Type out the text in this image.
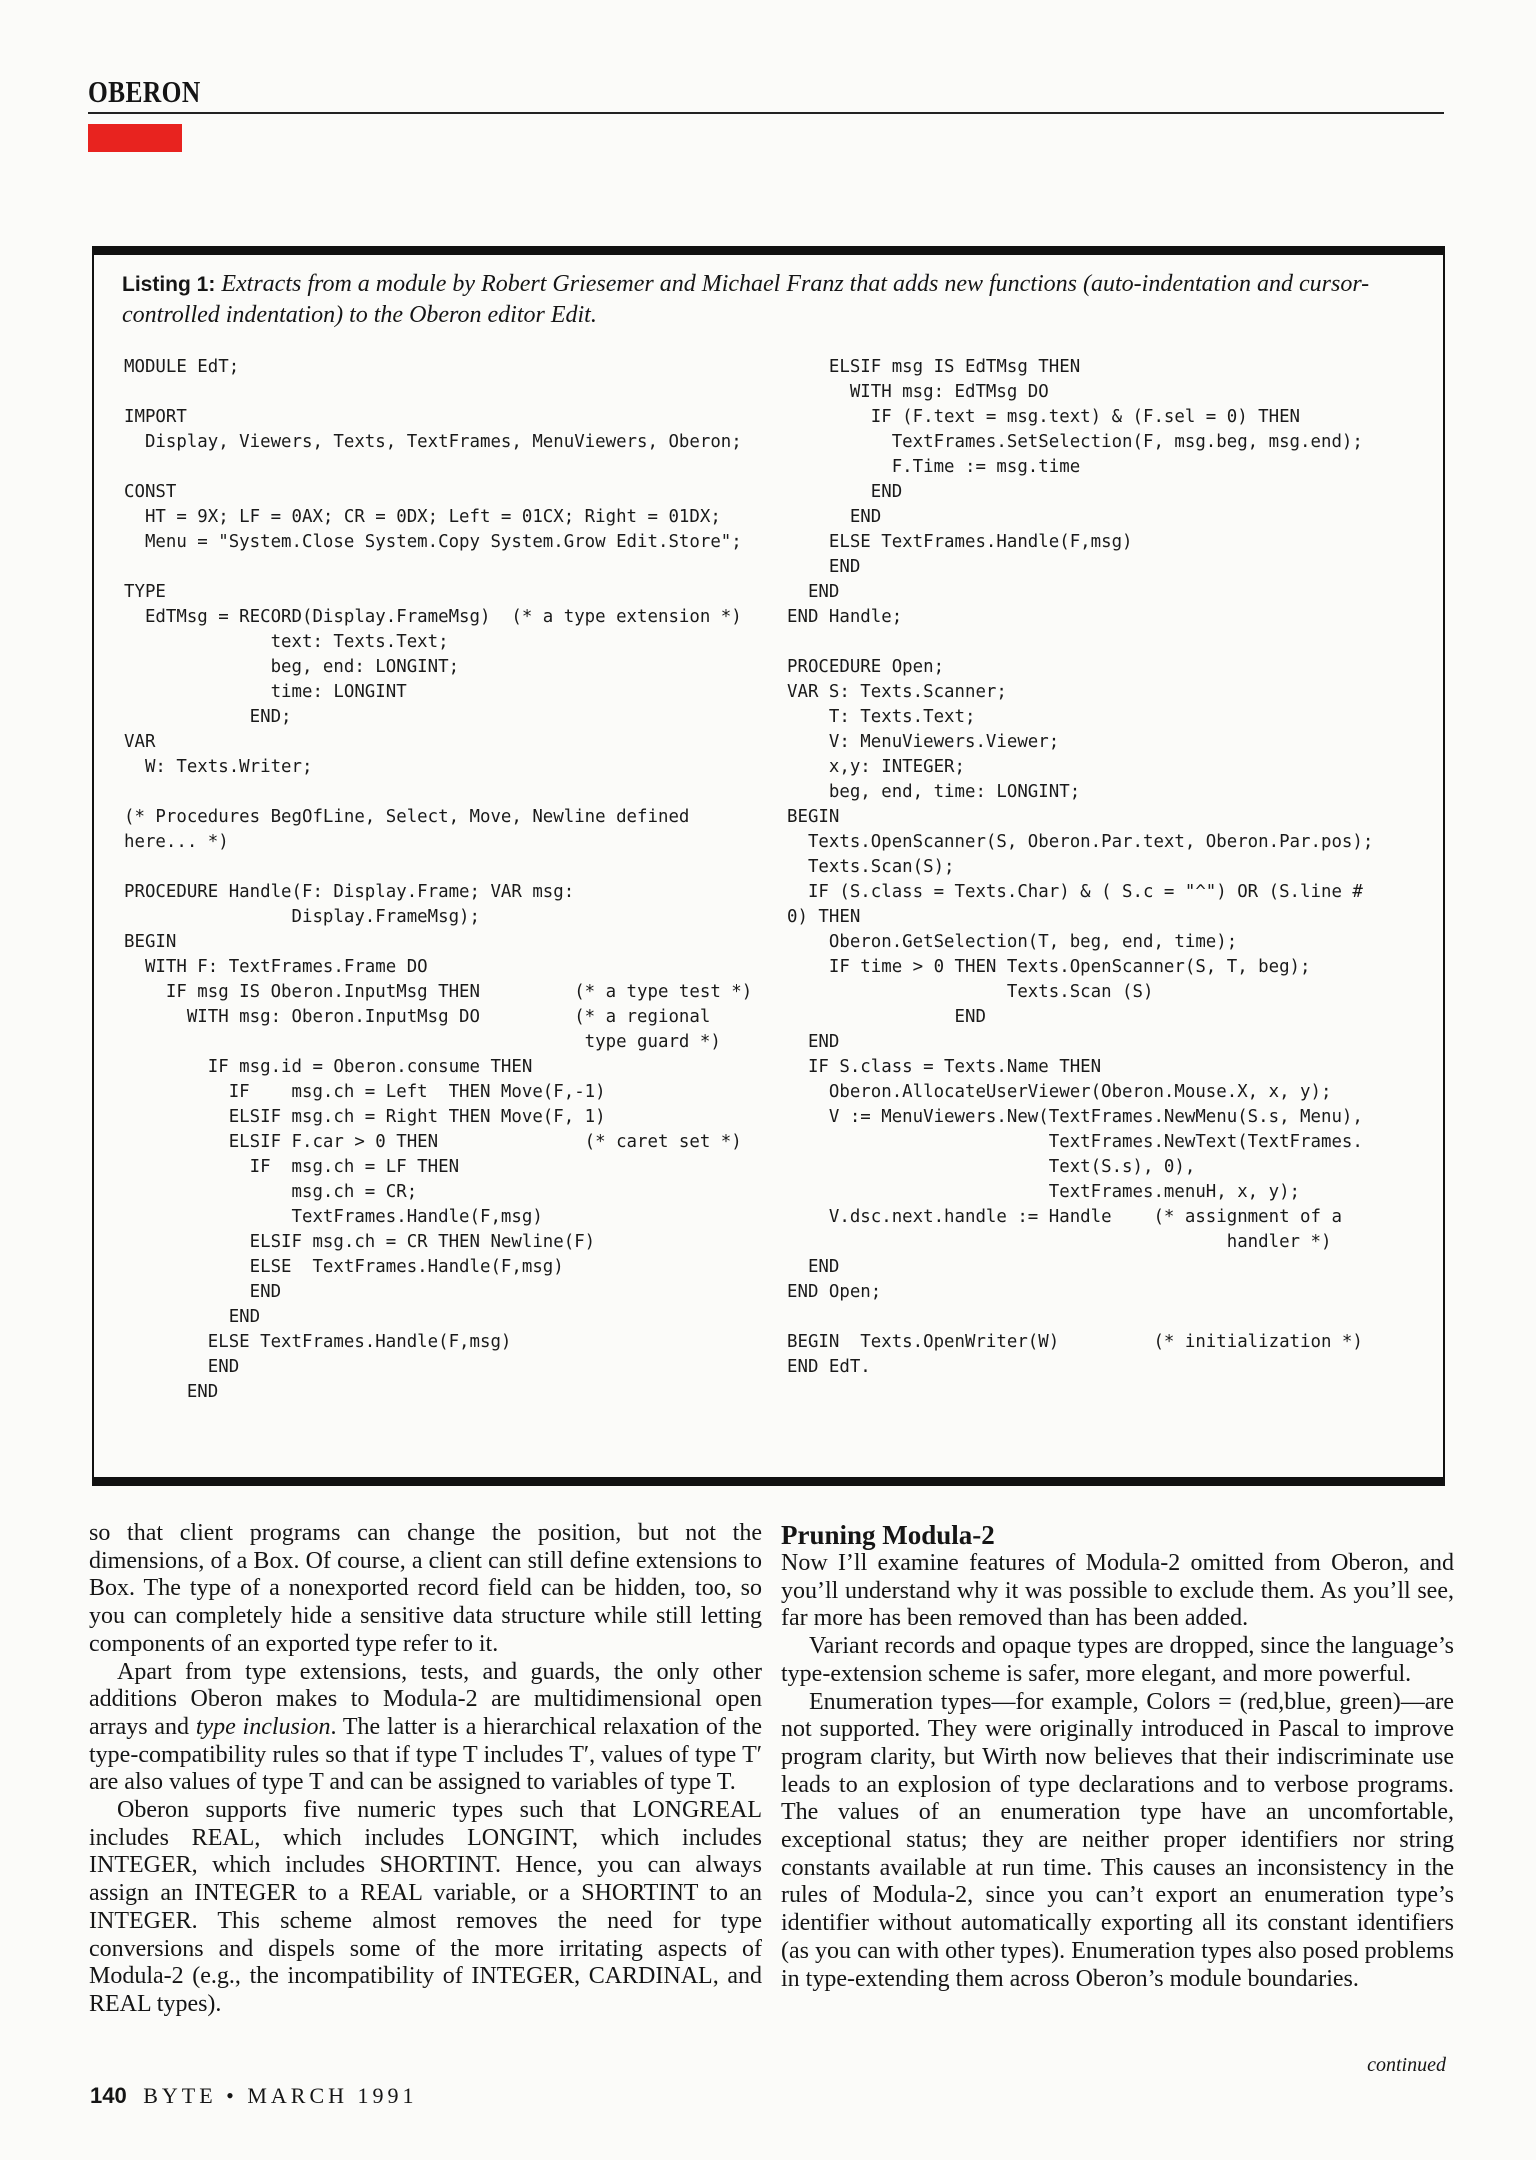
OBERON
Listing 1: Extracts from a module by Robert Griesemer and Michael Franz that adds new functions (auto-indentation and cursor-controlled indentation) to the Oberon editor Edit.
MODULE EdT;

IMPORT
Display, Viewers, Texts, TextFrames, MenuViewers, Oberon;

CONST
HT = 9X; LF = 0AX; CR = 0DX; Left = 01CX; Right = 01DX;
Menu = "System.Close System.Copy System.Grow Edit.Store";

TYPE
EdTMsg = RECORD(Display.FrameMsg)  (* a type extension *)
text: Texts.Text;
beg, end: LONGINT;
time: LONGINT
END;
VAR
W: Texts.Writer;

(* Procedures BegOfLine, Select, Move, Newline defined
here... *)

PROCEDURE Handle(F: Display.Frame; VAR msg:
Display.FrameMsg);
BEGIN
WITH F: TextFrames.Frame DO
IF msg IS Oberon.InputMsg THEN         (* a type test *)
WITH msg: Oberon.InputMsg DO         (* a regional
type guard *)
IF msg.id = Oberon.consume THEN
IF    msg.ch = Left  THEN Move(F,-1)
ELSIF msg.ch = Right THEN Move(F, 1)
ELSIF F.car > 0 THEN              (* caret set *)
IF  msg.ch = LF THEN
msg.ch = CR;
TextFrames.Handle(F,msg)
ELSIF msg.ch = CR THEN Newline(F)
ELSE  TextFrames.Handle(F,msg)
END
END
ELSE TextFrames.Handle(F,msg)
END
END
ELSIF msg IS EdTMsg THEN
WITH msg: EdTMsg DO
IF (F.text = msg.text) & (F.sel = 0) THEN
TextFrames.SetSelection(F, msg.beg, msg.end);
F.Time := msg.time
END
END
ELSE TextFrames.Handle(F,msg)
END
END
END Handle;

PROCEDURE Open;
VAR S: Texts.Scanner;
T: Texts.Text;
V: MenuViewers.Viewer;
x,y: INTEGER;
beg, end, time: LONGINT;
BEGIN
Texts.OpenScanner(S, Oberon.Par.text, Oberon.Par.pos);
Texts.Scan(S);
IF (S.class = Texts.Char) & ( S.c = "^") OR (S.line #
0) THEN
Oberon.GetSelection(T, beg, end, time);
IF time > 0 THEN Texts.OpenScanner(S, T, beg);
Texts.Scan (S)
END
END
IF S.class = Texts.Name THEN
Oberon.AllocateUserViewer(Oberon.Mouse.X, x, y);
V := MenuViewers.New(TextFrames.NewMenu(S.s, Menu),
TextFrames.NewText(TextFrames.
Text(S.s), 0),
TextFrames.menuH, x, y);
V.dsc.next.handle := Handle    (* assignment of a
handler *)
END
END Open;

BEGIN  Texts.OpenWriter(W)         (* initialization *)
END EdT.

so that client programs can change the position, but not the dimensions, of a Box. Of course, a client can still define extensions to Box. The type of a nonexported record field can be hidden, too, so you can completely hide a sensitive data structure while still letting components of an exported type refer to it.

Apart from type extensions, tests, and guards, the only other additions Oberon makes to Modula-2 are multidimensional open arrays and type inclusion. The latter is a hierarchical relaxation of the type-compatibility rules so that if type T includes T′, values of type T′ are also values of type T and can be assigned to variables of type T.

Oberon supports five numeric types such that LONGREAL includes REAL, which includes LONGINT, which includes INTEGER, which includes SHORTINT. Hence, you can always assign an INTEGER to a REAL variable, or a SHORTINT to an INTEGER. This scheme almost removes the need for type conversions and dispels some of the more irritating aspects of Modula-2 (e.g., the incompatibility of INTEGER, CARDINAL, and REAL types).

Pruning Modula-2

Now I’ll examine features of Modula-2 omitted from Oberon, and you’ll understand why it was possible to exclude them. As you’ll see, far more has been removed than has been added.

Variant records and opaque types are dropped, since the language’s type-extension scheme is safer, more elegant, and more powerful.

Enumeration types—for example, Colors = (red,blue, green)—are not supported. They were originally introduced in Pascal to improve program clarity, but Wirth now believes that their indiscriminate use leads to an explosion of type declarations and to verbose programs. The values of an enumeration type have an uncomfortable, exceptional status; they are neither proper identifiers nor string constants available at run time. This causes an inconsistency in the rules of Modula-2, since you can’t export an enumeration type’s identifier without automatically exporting all its constant identifiers (as you can with other types). Enumeration types also posed problems in type-extending them across Oberon’s module boundaries.

continued
140 BYTE • MARCH 1991
